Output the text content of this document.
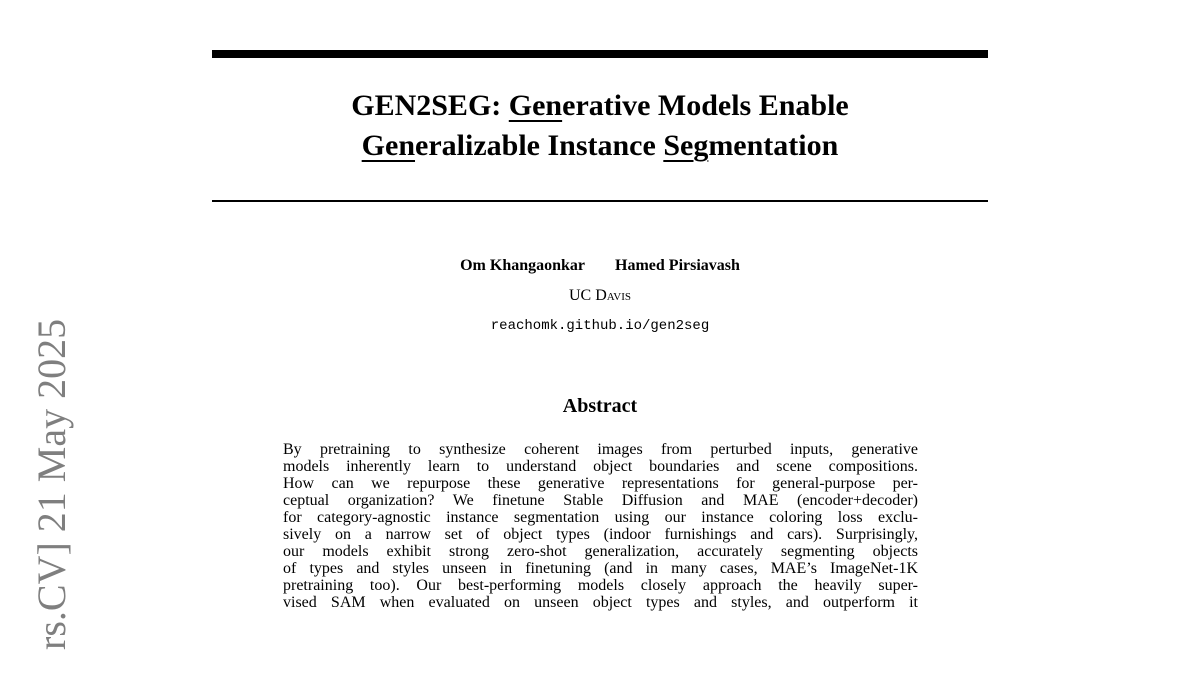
GEN2SEG: Generative Models Enable
Generalizable Instance Segmentation
Om Khangaonkar Hamed Pirsiavash
UC Davis
reachomk.github.io/gen2seg
Abstract
By pretraining to synthesize coherent images from perturbed inputs, generative
models inherently learn to understand object boundaries and scene compositions.
How can we repurpose these generative representations for general-purpose per-
ceptual organization? We finetune Stable Diffusion and MAE (encoder+decoder)
for category-agnostic instance segmentation using our instance coloring loss exclu-
sively on a narrow set of object types (indoor furnishings and cars). Surprisingly,
our models exhibit strong zero-shot generalization, accurately segmenting objects
of types and styles unseen in finetuning (and in many cases, MAE’s ImageNet-1K
pretraining too). Our best-performing models closely approach the heavily super-
vised SAM when evaluated on unseen object types and styles, and outperform it
rs.CV] 21 May 2025
